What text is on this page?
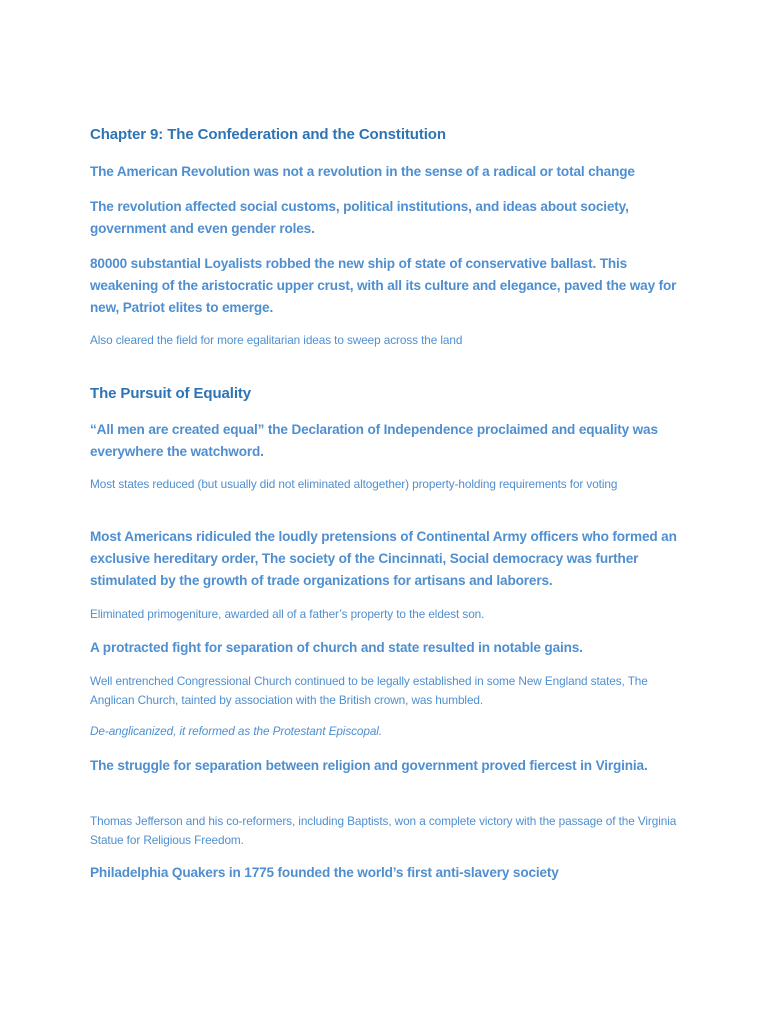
Chapter 9: The Confederation and the Constitution

The American Revolution was not a revolution in the sense of a radical or total change

The revolution affected social customs, political institutions, and ideas about society, government and even gender roles.

80000 substantial Loyalists robbed the new ship of state of conservative ballast. This weakening of the aristocratic upper crust, with all its culture and elegance, paved the way for new, Patriot elites to emerge.

Also cleared the field for more egalitarian ideas to sweep across the land

The Pursuit of Equality

“All men are created equal” the Declaration of Independence proclaimed and equality was everywhere the watchword.

Most states reduced (but usually did not eliminated altogether) property-holding requirements for voting

Most Americans ridiculed the loudly pretensions of Continental Army officers who formed an exclusive hereditary order, The society of the Cincinnati, Social democracy was further stimulated by the growth of trade organizations for artisans and laborers.

Eliminated primogeniture, awarded all of a father’s property to the eldest son.

A protracted fight for separation of church and state resulted in notable gains.

Well entrenched Congressional Church continued to be legally established in some New England states, The Anglican Church, tainted by association with the British crown, was humbled.

De-anglicanized, it reformed as the Protestant Episcopal.

The struggle for separation between religion and government proved fiercest in Virginia.

Thomas Jefferson and his co-reformers, including Baptists, won a complete victory with the passage of the Virginia Statue for Religious Freedom.

Philadelphia Quakers in 1775 founded the world’s first anti-slavery society
